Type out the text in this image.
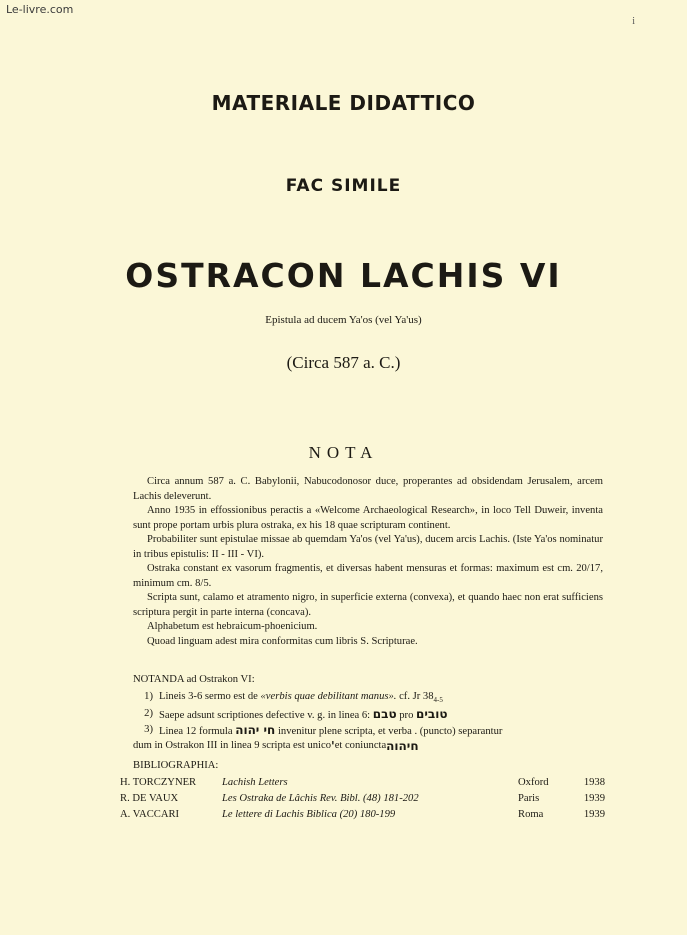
Le-livre.com
i
MATERIALE DIDATTICO
FAC SIMILE
OSTRACON LACHIS VI
Epistula ad ducem Ya'os (vel Ya'us)
(Circa 587 a. C.)
NOTA

Circa annum 587 a. C. Babylonii, Nabucodonosor duce, properantes ad obsidendam Jerusalem, arcem Lachis deleverunt.

Anno 1935 in effossionibus peractis a «Welcome Archaeological Research», in loco Tell Duweir, inventa sunt prope portam urbis plura ostraka, ex his 18 quae scripturam continent.

Probabiliter sunt epistulae missae ab quemdam Ya'os (vel Ya'us), ducem arcis Lachis. (Iste Ya'os nominatur in tribus epistulis: II - III - VI).

Ostraka constant ex vasorum fragmentis, et diversas habent mensuras et formas: maximum est cm. 20/17, minimum cm. 8/5.

Scripta sunt, calamo et atramento nigro, in superficie externa (convexa), et quando haec non erat sufficiens scriptura pergit in parte interna (concava).

Alphabetum est hebraicum-phoenicium.

Quoad linguam adest mira conformitas cum libris S. Scripturae.

NOTANDA ad Ostrakon VI:
1) Lineis 3-6 sermo est de «verbis quae debilitant manus». cf. Jr $38_{4-5}$
2) Saepe adsunt scriptiones defective v. g. in linea 6: טבם pro טובים
3) Linea 12 formula חי יהוה invenitur plene scripta, et verba . (puncto) separantur
dum in Ostrakon III in linea 9 scripta est unico ' et coniuncta חיהוה
BIBLIOGRAPHIA:
H. TORCZYNER	Lachish Letters	Oxford	1938
R. DE VAUX	Les Ostraka de Lâchis Rev. Bibl. (48) 181-202	Paris	1939
A. VACCARI	Le lettere di Lachis Biblica (20) 180-199	Roma	1939
